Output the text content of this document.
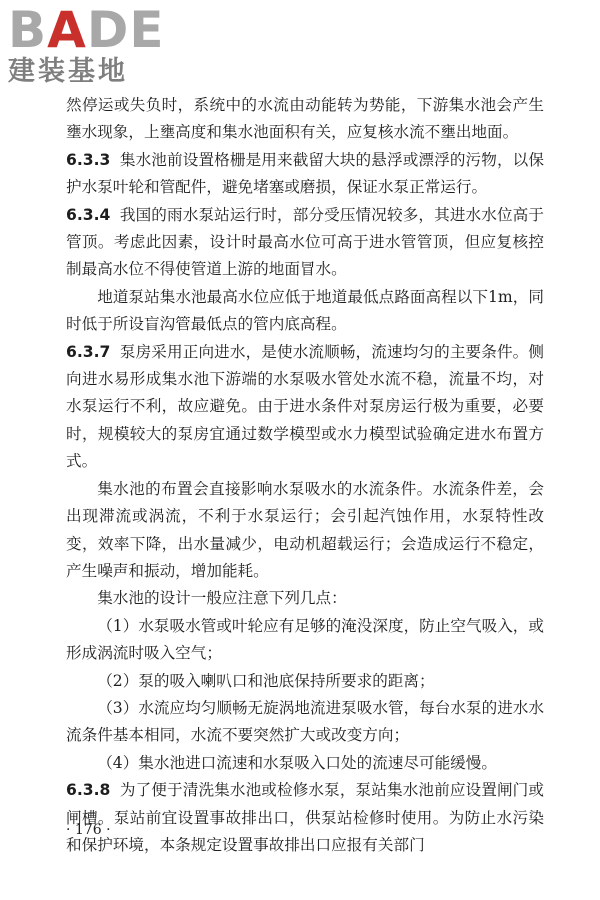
BADE
建装基地

然停运或失负时，系统中的水流由动能转为势能，下游集水池会产生壅水现象，上壅高度和集水池面积有关，应复核水流不壅出地面。

6.3.3 集水池前设置格栅是用来截留大块的悬浮或漂浮的污物，以保护水泵叶轮和管配件，避免堵塞或磨损，保证水泵正常运行。

6.3.4 我国的雨水泵站运行时，部分受压情况较多，其进水水位高于管顶。考虑此因素，设计时最高水位可高于进水管管顶，但应复核控制最高水位不得使管道上游的地面冒水。

地道泵站集水池最高水位应低于地道最低点路面高程以下1m，同时低于所设盲沟管最低点的管内底高程。

6.3.7 泵房采用正向进水，是使水流顺畅，流速均匀的主要条件。侧向进水易形成集水池下游端的水泵吸水管处水流不稳，流量不均，对水泵运行不利，故应避免。由于进水条件对泵房运行极为重要，必要时，规模较大的泵房宜通过数学模型或水力模型试验确定进水布置方式。

集水池的布置会直接影响水泵吸水的水流条件。水流条件差，会出现滞流或涡流，不利于水泵运行；会引起汽蚀作用，水泵特性改变，效率下降，出水量减少，电动机超载运行；会造成运行不稳定，产生噪声和振动，增加能耗。

集水池的设计一般应注意下列几点：

（1）水泵吸水管或叶轮应有足够的淹没深度，防止空气吸入，或形成涡流时吸入空气；

（2）泵的吸入喇叭口和池底保持所要求的距离；

（3）水流应均匀顺畅无旋涡地流进泵吸水管，每台水泵的进水水流条件基本相同，水流不要突然扩大或改变方向；

（4）集水池进口流速和水泵吸入口处的流速尽可能缓慢。

6.3.8 为了便于清洗集水池或检修水泵，泵站集水池前应设置闸门或闸槽。泵站前宜设置事故排出口，供泵站检修时使用。为防止水污染和保护环境，本条规定设置事故排出口应报有关部门

· 176 ·
